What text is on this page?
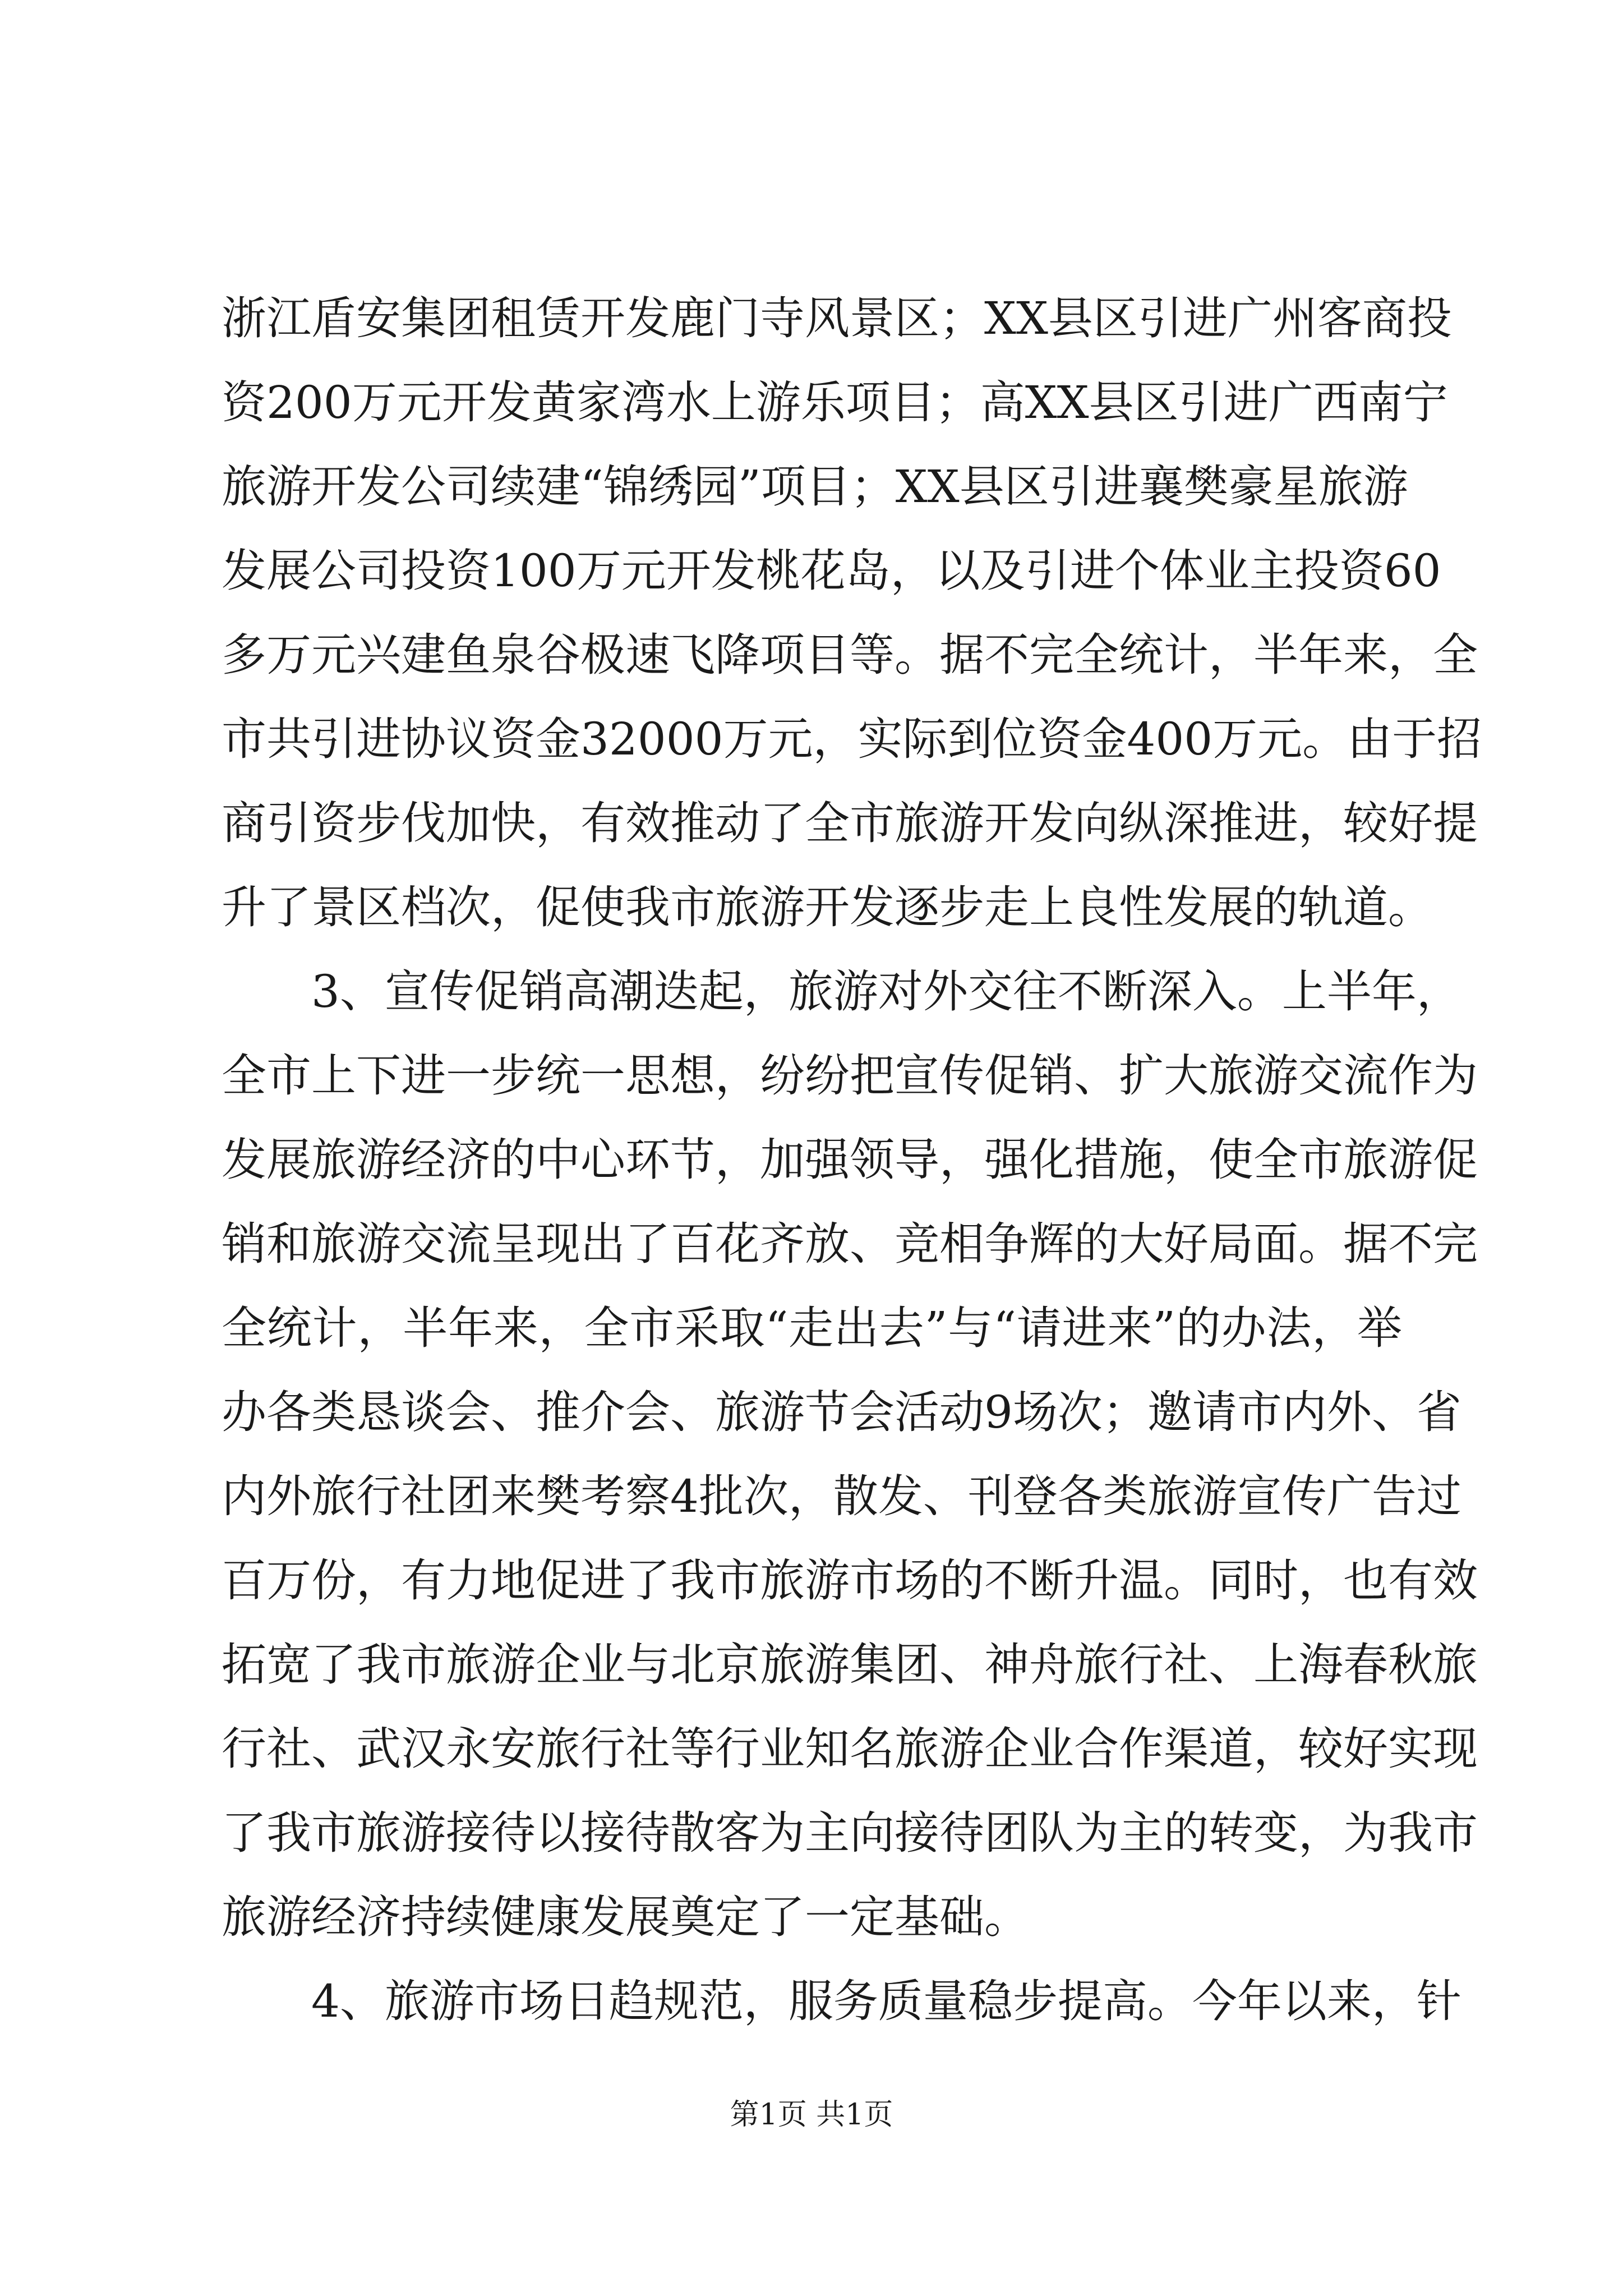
浙江盾安集团租赁开发鹿门寺风景区；XX县区引进广州客商投
资200万元开发黄家湾水上游乐项目；高XX县区引进广西南宁
旅游开发公司续建“锦绣园”项目；XX县区引进襄樊豪星旅游
发展公司投资100万元开发桃花岛，以及引进个体业主投资60
多万元兴建鱼泉谷极速飞降项目等。据不完全统计，半年来，全
市共引进协议资金32000万元，实际到位资金400万元。由于招
商引资步伐加快，有效推动了全市旅游开发向纵深推进，较好提
升了景区档次，促使我市旅游开发逐步走上良性发展的轨道。
3、宣传促销高潮迭起，旅游对外交往不断深入。上半年，
全市上下进一步统一思想，纷纷把宣传促销、扩大旅游交流作为
发展旅游经济的中心环节，加强领导，强化措施，使全市旅游促
销和旅游交流呈现出了百花齐放、竞相争辉的大好局面。据不完
全统计，半年来，全市采取“走出去”与“请进来”的办法，举
办各类恳谈会、推介会、旅游节会活动9场次；邀请市内外、省
内外旅行社团来樊考察4批次，散发、刊登各类旅游宣传广告过
百万份，有力地促进了我市旅游市场的不断升温。同时，也有效
拓宽了我市旅游企业与北京旅游集团、神舟旅行社、上海春秋旅
行社、武汉永安旅行社等行业知名旅游企业合作渠道，较好实现
了我市旅游接待以接待散客为主向接待团队为主的转变，为我市
旅游经济持续健康发展奠定了一定基础。
4、旅游市场日趋规范，服务质量稳步提高。今年以来，针
第1页 共1页
